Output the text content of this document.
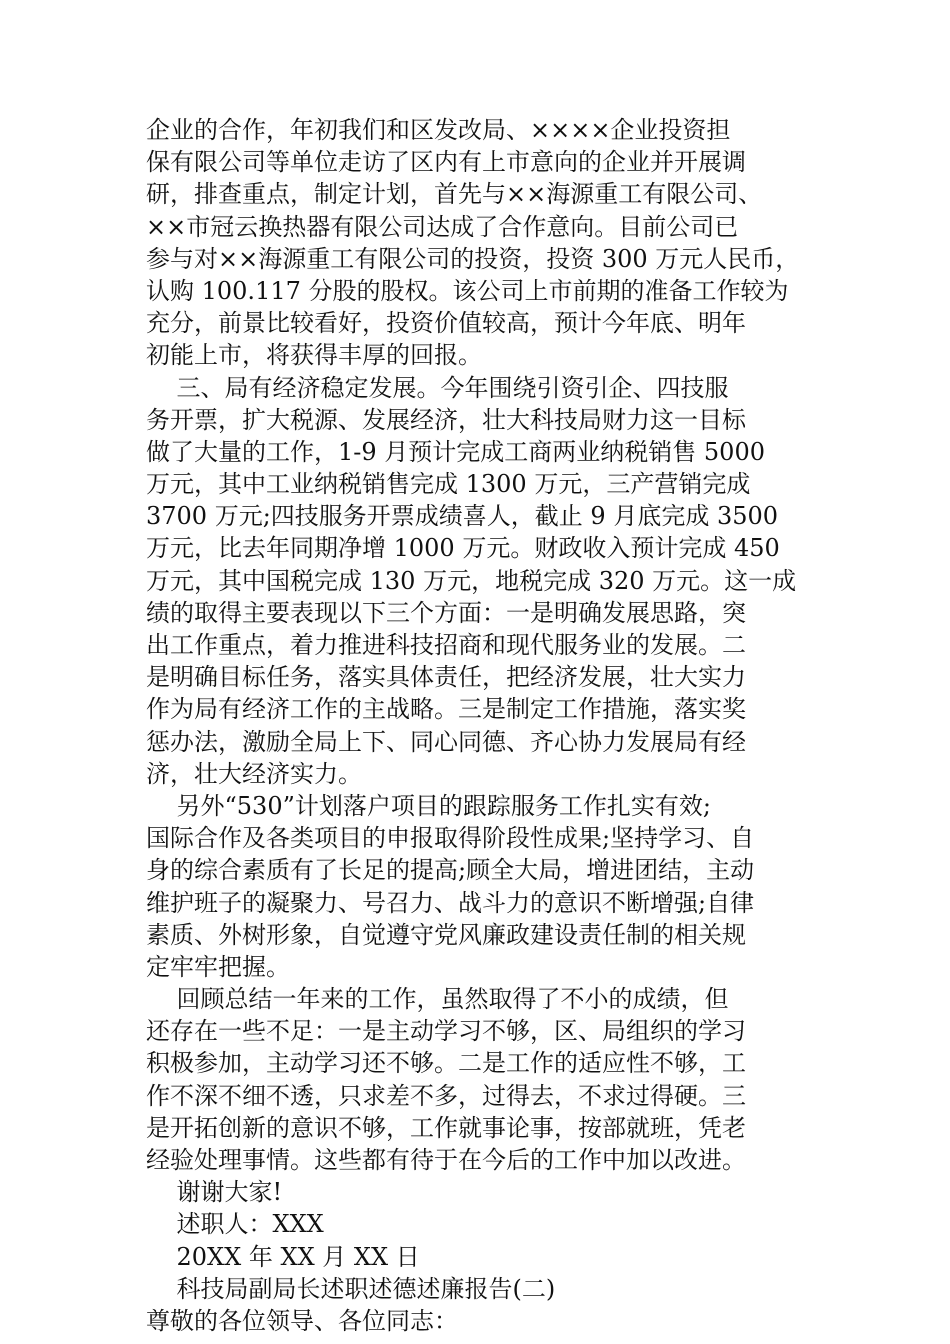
企业的合作，年初我们和区发改局、××××企业投资担
保有限公司等单位走访了区内有上市意向的企业并开展调
研，排查重点，制定计划，首先与××海源重工有限公司、
××市冠云换热器有限公司达成了合作意向。目前公司已
参与对××海源重工有限公司的投资，投资 300 万元人民币，
认购 100.117 分股的股权。该公司上市前期的准备工作较为
充分，前景比较看好，投资价值较高，预计今年底、明年
初能上市，将获得丰厚的回报。
三、局有经济稳定发展。今年围绕引资引企、四技服
务开票，扩大税源、发展经济，壮大科技局财力这一目标
做了大量的工作，1-9 月预计完成工商两业纳税销售 5000
万元，其中工业纳税销售完成 1300 万元，三产营销完成
3700 万元;四技服务开票成绩喜人，截止 9 月底完成 3500
万元，比去年同期净增 1000 万元。财政收入预计完成 450
万元，其中国税完成 130 万元，地税完成 320 万元。这一成
绩的取得主要表现以下三个方面：一是明确发展思路，突
出工作重点，着力推进科技招商和现代服务业的发展。二
是明确目标任务，落实具体责任，把经济发展，壮大实力
作为局有经济工作的主战略。三是制定工作措施，落实奖
惩办法，激励全局上下、同心同德、齐心协力发展局有经
济，壮大经济实力。
另外“530”计划落户项目的跟踪服务工作扎实有效;
国际合作及各类项目的申报取得阶段性成果;坚持学习、自
身的综合素质有了长足的提高;顾全大局，增进团结，主动
维护班子的凝聚力、号召力、战斗力的意识不断增强;自律
素质、外树形象，自觉遵守党风廉政建设责任制的相关规
定牢牢把握。
回顾总结一年来的工作，虽然取得了不小的成绩，但
还存在一些不足：一是主动学习不够，区、局组织的学习
积极参加，主动学习还不够。二是工作的适应性不够，工
作不深不细不透，只求差不多，过得去，不求过得硬。三
是开拓创新的意识不够，工作就事论事，按部就班，凭老
经验处理事情。这些都有待于在今后的工作中加以改进。
谢谢大家!
述职人：XXX
20XX 年 XX 月 XX 日
科技局副局长述职述德述廉报告(二)
尊敬的各位领导、各位同志：
